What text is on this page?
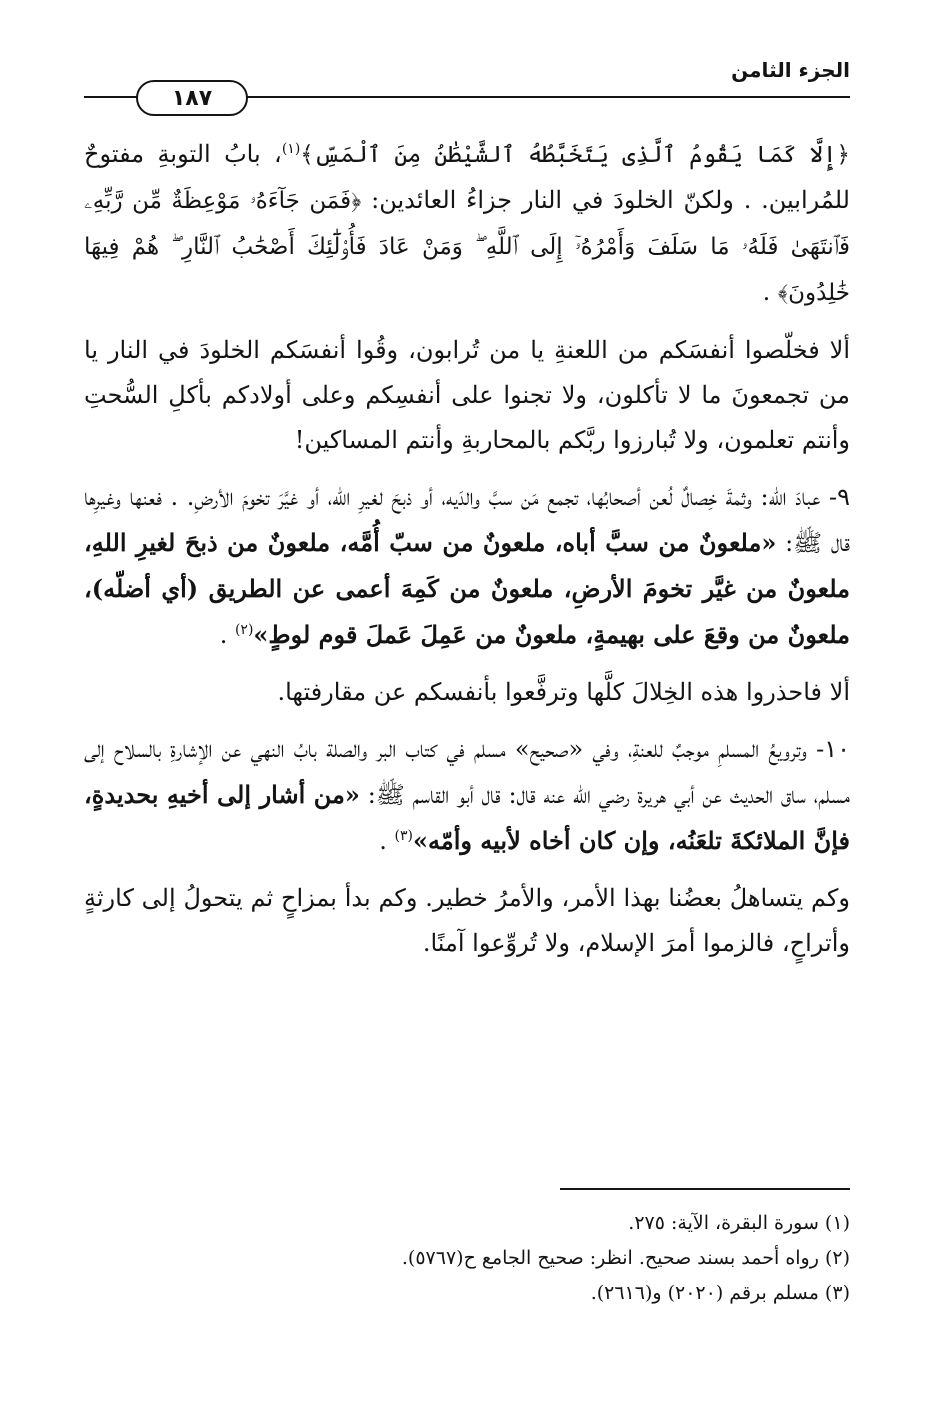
الجزء الثامن
١٨٧

﴿إِلَّا كَمَا يَقُومُ ٱلَّذِى يَتَخَبَّطُهُ ٱلشَّيْطَٰنُ مِنَ ٱلْمَسِّ﴾$^{(١)}$، بابُ التوبةِ مفتوحٌ للمُرابين. . ولكنّ الخلودَ في النار جزاءُ العائدين: ﴿فَمَن جَآءَهُۥ مَوْعِظَةٌ مِّن رَّبِّهِۦ فَٱنتَهَىٰ فَلَهُۥ مَا سَلَفَ وَأَمْرُهُۥٓ إِلَى ٱللَّهِ ۖ وَمَنْ عَادَ فَأُو۟لَٰٓئِكَ أَصْحَٰبُ ٱلنَّارِ ۖ هُمْ فِيهَا خَٰلِدُونَ﴾ .

ألا فخلّصوا أنفسَكم من اللعنةِ يا من تُرابون، وقُوا أنفسَكم الخلودَ في النار يا من تجمعونَ ما لا تأكلون، ولا تجنوا على أنفسِكم وعلى أولادكم بأكلِ السُّحتِ وأنتم تعلمون، ولا تُبارزوا ربَّكم بالمحاربةِ وأنتم المساكين!

٩- عبادَ الله: وثمةَ خِصالٌ لُعن أصحابُها، تجمع مَن سبَّ والدَيه، أو ذبحَ لغيرِ الله، أو غيَّرَ تخومَ الأرضِ. . فعنها وغيرِها قال ﷺ: «ملعونٌ من سبَّ أباه، ملعونٌ من سبّ أُمَّه، ملعونٌ من ذبحَ لغيرِ اللهِ، ملعونٌ من غيَّر تخومَ الأرضِ، ملعونٌ من كَمِهَ أعمى عن الطريق (أي أضلّه)، ملعونٌ من وقعَ على بهيمةٍ، ملعونٌ من عَمِلَ عَملَ قوم لوطٍ»$^{(٢)}$ .

ألا فاحذروا هذه الخِلالَ كلَّها وترفَّعوا بأنفسكم عن مقارفتها.

١٠- وترويعُ المسلمِ موجبٌ للعنةِ، وفي «صحيح» مسلم في كتاب البر والصلة بابُ النهي عن الإشارةِ بالسلاح إلى مسلم، ساق الحديث عن أبي هريرة رضي الله عنه قال: قال أبو القاسم ﷺ: «من أشار إلى أخيهِ بحديدةٍ، فإنَّ الملائكةَ تلعَنُه، وإن كان أخاه لأبيه وأمّه»$^{(٣)}$ .

وكم يتساهلُ بعضُنا بهذا الأمر، والأمرُ خطير. وكم بدأ بمزاحٍ ثم يتحولُ إلى كارثةٍ وأتراحٍ، فالزموا أمرَ الإسلام، ولا تُروِّعوا آمنًا.

(١) سورة البقرة، الآية: ٢٧٥.
(٢) رواه أحمد بسند صحيح. انظر: صحيح الجامع ح(٥٧٦٧).
(٣) مسلم برقم (٢٠٢٠) و(٢٦١٦).
